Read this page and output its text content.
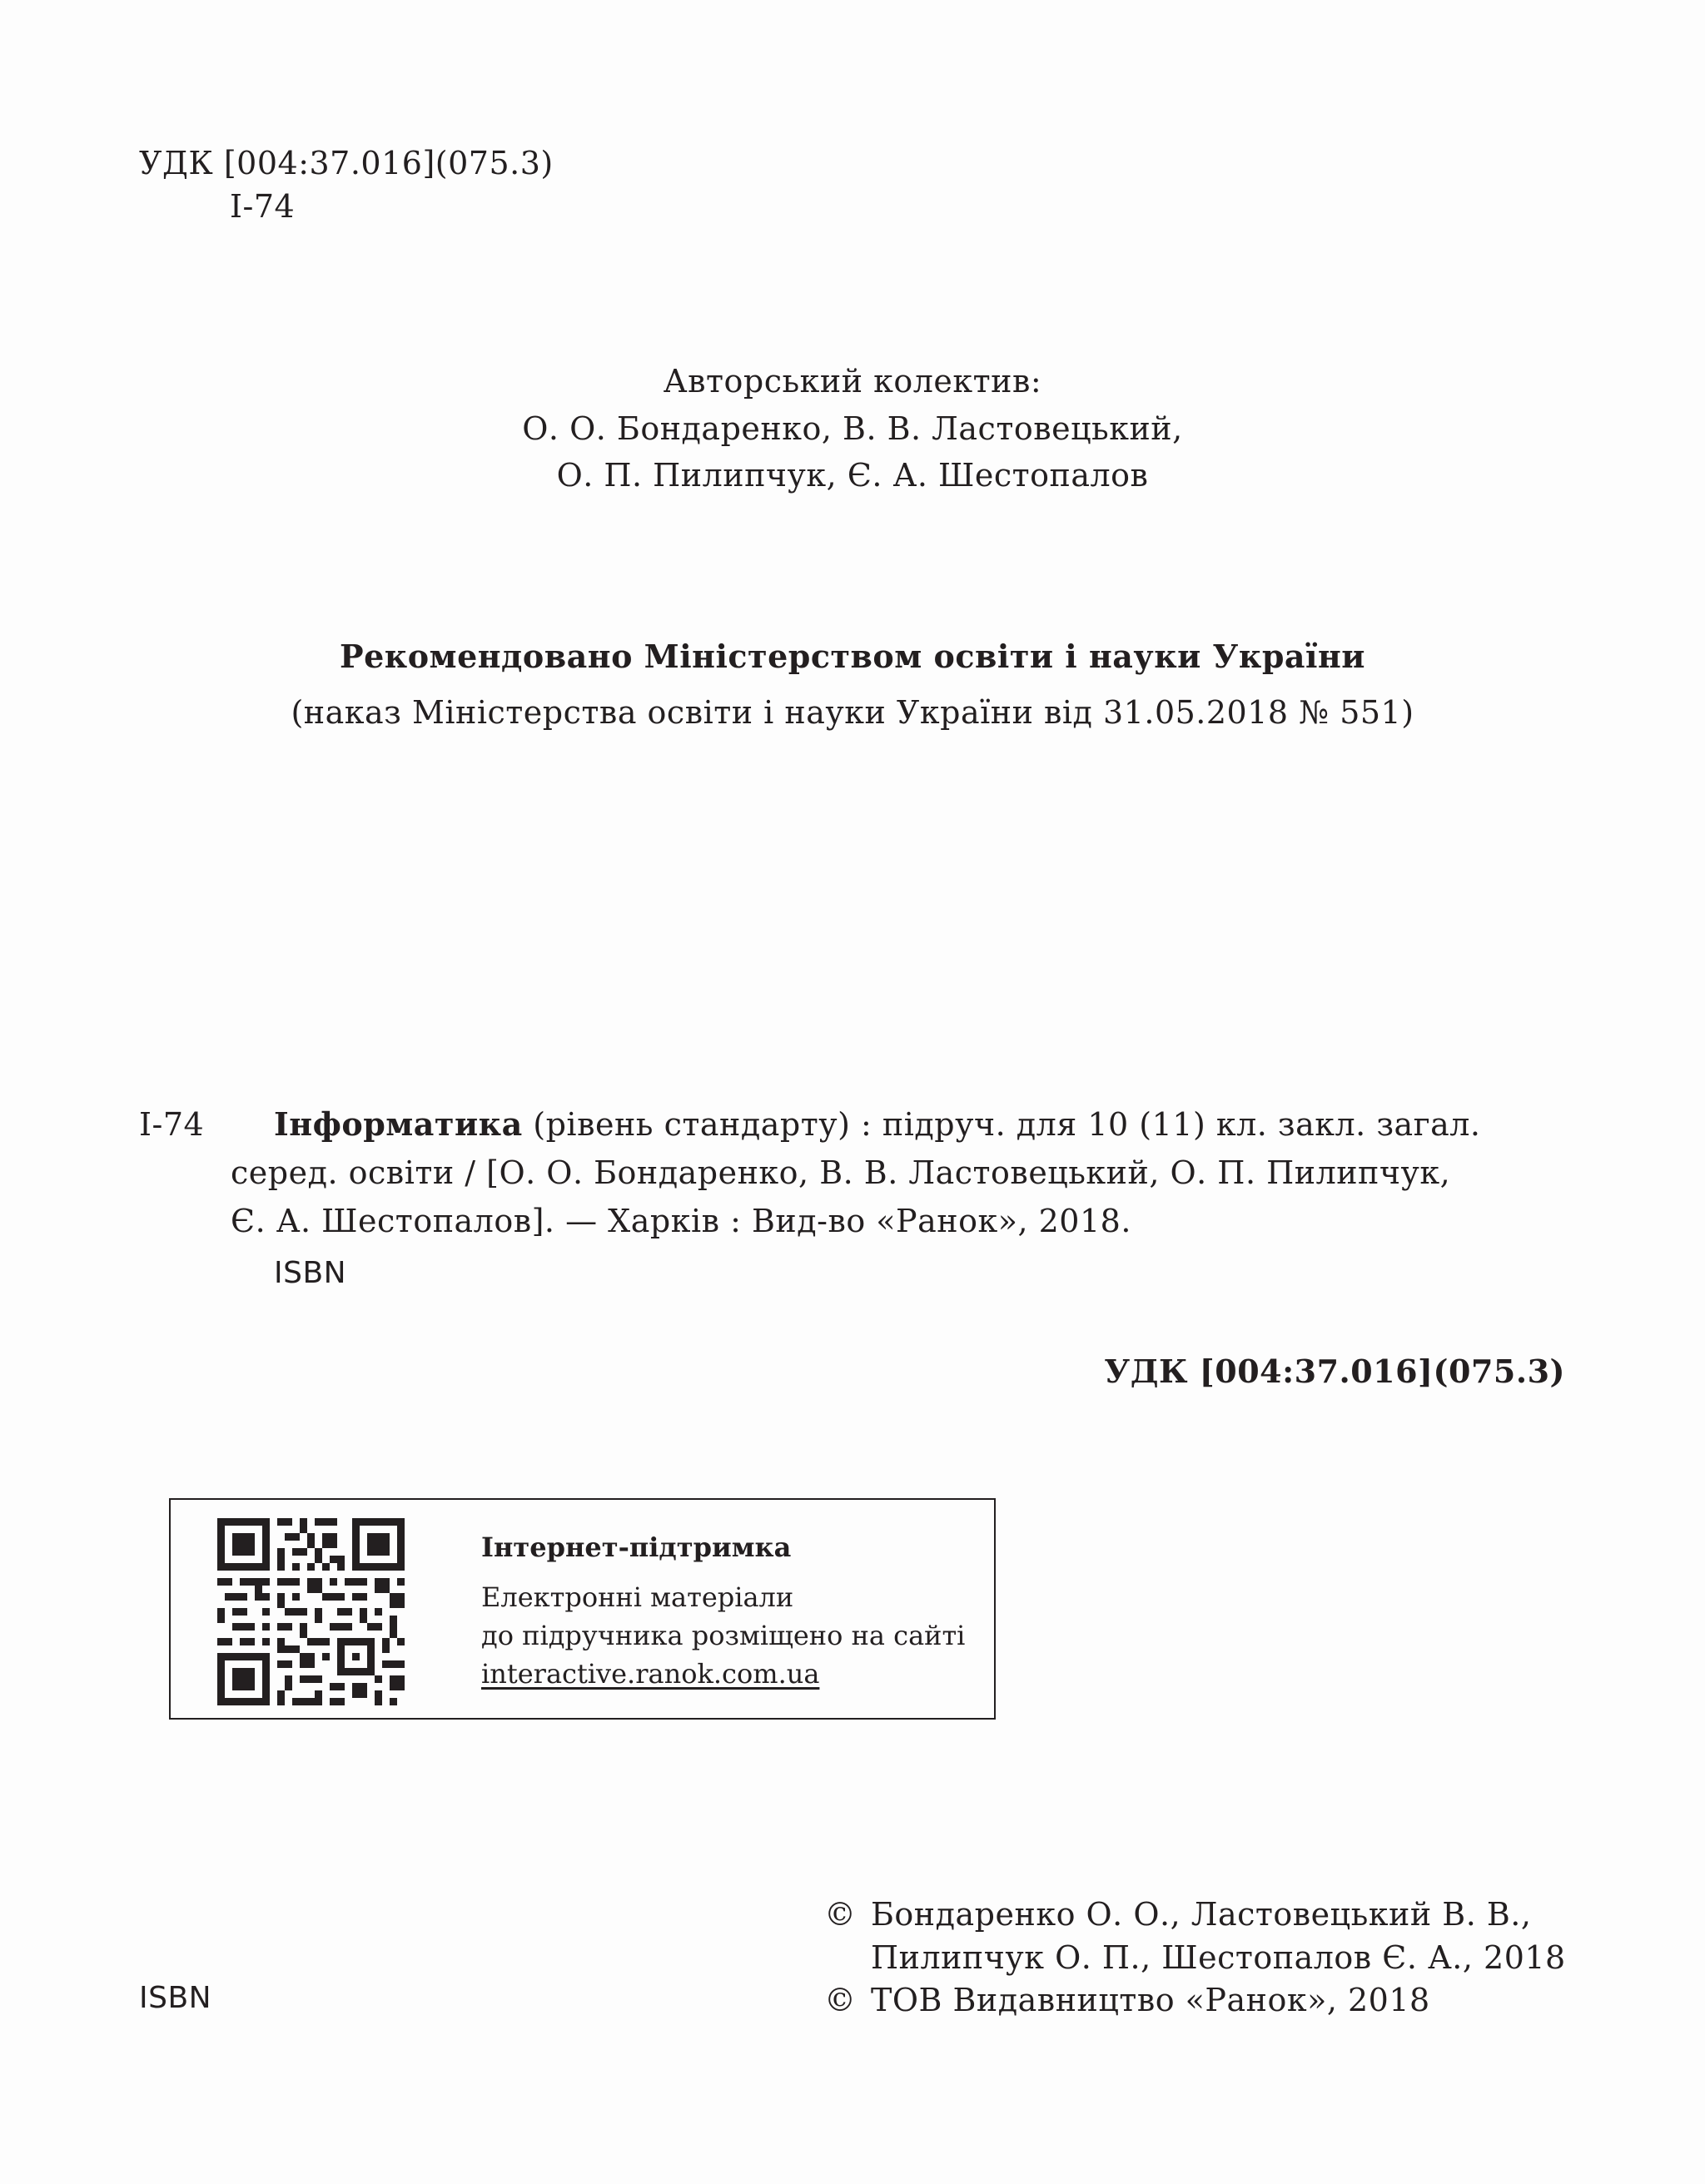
УДК [004:37.016](075.3)
І-74
Авторський колектив:
О. О. Бондаренко, В. В. Ластовецький,
О. П. Пилипчук, Є. А. Шестопалов
Рекомендовано Міністерством освіти і науки України
(наказ Міністерства освіти і науки України від 31.05.2018 № 551)
І-74 Інформатика (рівень стандарту) : підруч. для 10 (11) кл. закл. загал.
серед. освіти / [О. О. Бондаренко, В. В. Ластовецький, О. П. Пилипчук,
Є. А. Шестопалов]. — Харків : Вид-во «Ранок», 2018.
ISBN
УДК [004:37.016](075.3)
Інтернет-підтримка
Електронні матеріали
до підручника розміщено на сайті
interactive.ranok.com.ua
ISBN
© Бондаренко О. О., Ластовецький В. В.,
Пилипчук О. П., Шестопалов Є. А., 2018
© ТОВ Видавництво «Ранок», 2018
